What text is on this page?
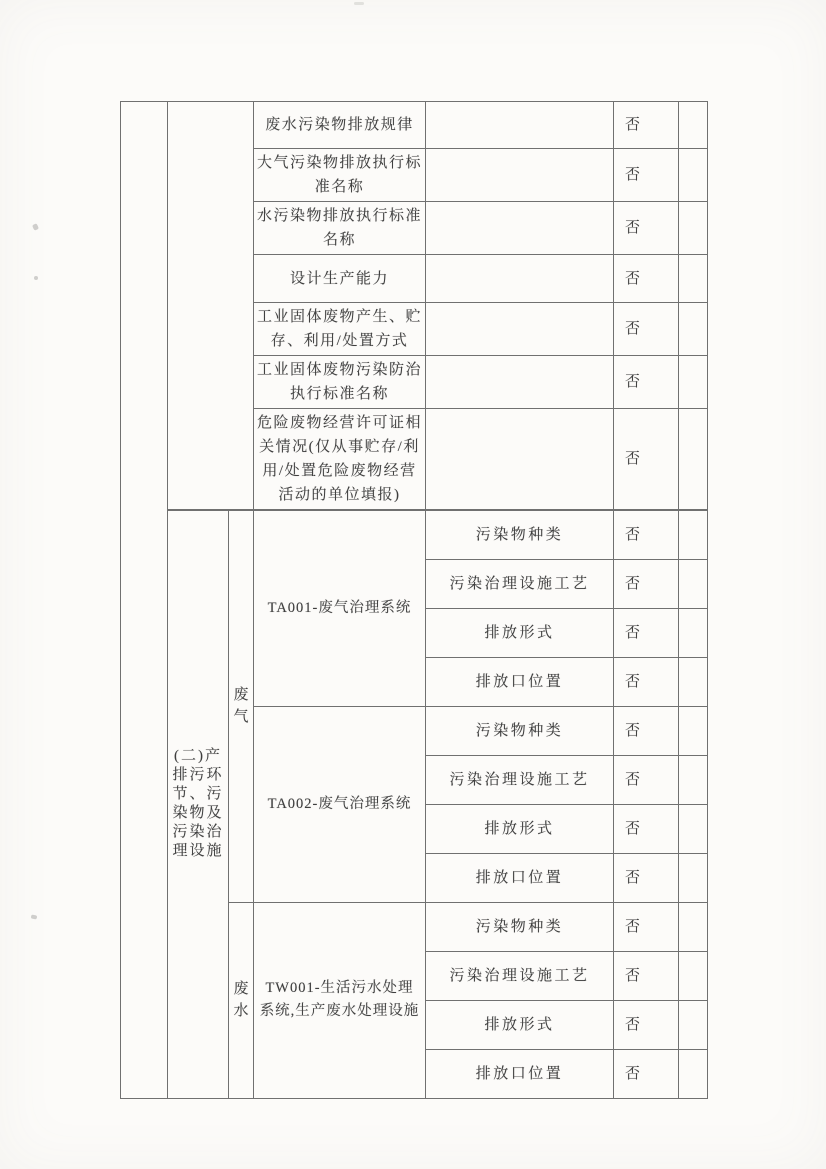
			废水污染物排放规律		否	
			大气污染物排放执行标准名称		否	
			水污染物排放执行标准名称		否	
			设计生产能力		否	
			工业固体废物产生、贮存、利用/处置方式		否	
			工业固体废物污染防治执行标准名称		否	
			危险废物经营许可证相关情况(仅从事贮存/利用/处置危险废物经营活动的单位填报)		否	
	(二)产排污环节、污染物及污染治理设施	废气	TA001-废气治理系统	污染物种类	否	
				污染治理设施工艺	否	
				排放形式	否	
				排放口位置	否	
			TA002-废气治理系统	污染物种类	否	
				污染治理设施工艺	否	
				排放形式	否	
				排放口位置	否	
		废水	TW001-生活污水处理系统,生产废水处理设施	污染物种类	否	
				污染治理设施工艺	否	
				排放形式	否	
				排放口位置	否	
